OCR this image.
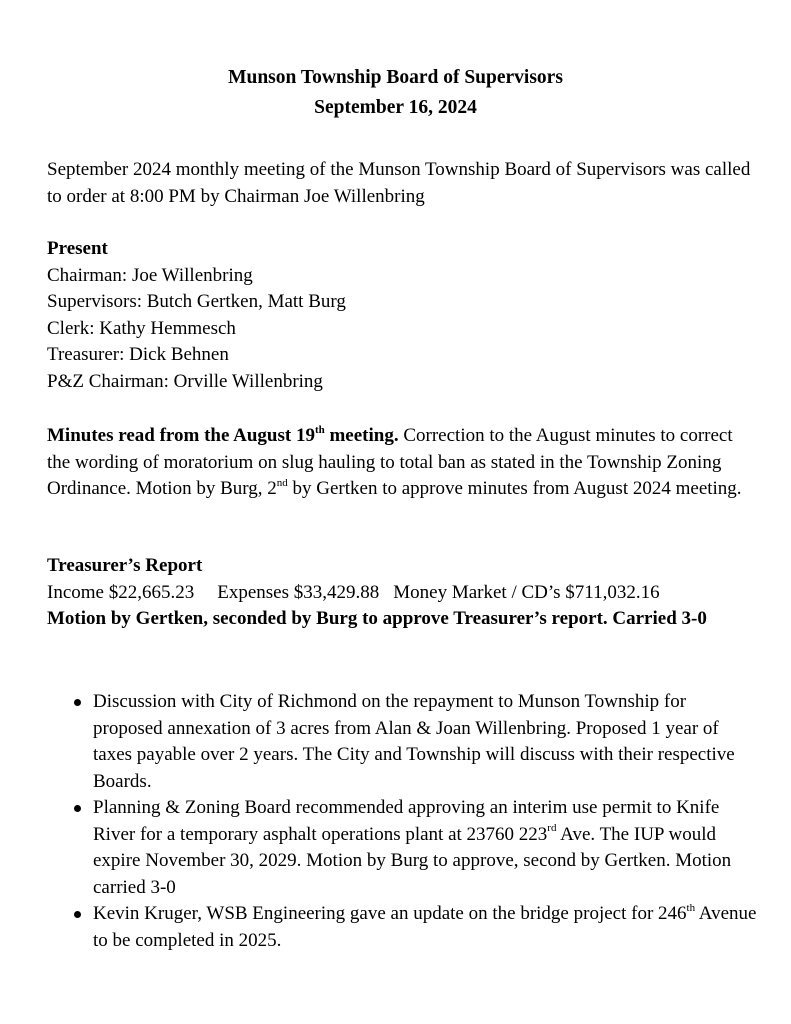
Munson Township Board of Supervisors
September 16, 2024

September 2024 monthly meeting of the Munson Township Board of Supervisors was called to order at 8:00 PM by Chairman Joe Willenbring

Present

Chairman: Joe Willenbring

Supervisors: Butch Gertken, Matt Burg

Clerk: Kathy Hemmesch

Treasurer: Dick Behnen

P&Z Chairman: Orville Willenbring

Minutes read from the August 19th meeting. Correction to the August minutes to correct the wording of moratorium on slug hauling to total ban as stated in the Township Zoning Ordinance. Motion by Burg, 2nd by Gertken to approve minutes from August 2024 meeting.

Treasurer’s Report

Income $22,665.23 Expenses $33,429.88 Money Market / CD’s $711,032.16

Motion by Gertken, seconded by Burg to approve Treasurer’s report. Carried 3-0

Discussion with City of Richmond on the repayment to Munson Township for proposed annexation of 3 acres from Alan & Joan Willenbring. Proposed 1 year of taxes payable over 2 years. The City and Township will discuss with their respective Boards.
Planning & Zoning Board recommended approving an interim use permit to Knife River for a temporary asphalt operations plant at 23760 223rd Ave. The IUP would expire November 30, 2029. Motion by Burg to approve, second by Gertken. Motion carried 3-0
Kevin Kruger, WSB Engineering gave an update on the bridge project for 246th Avenue to be completed in 2025.
